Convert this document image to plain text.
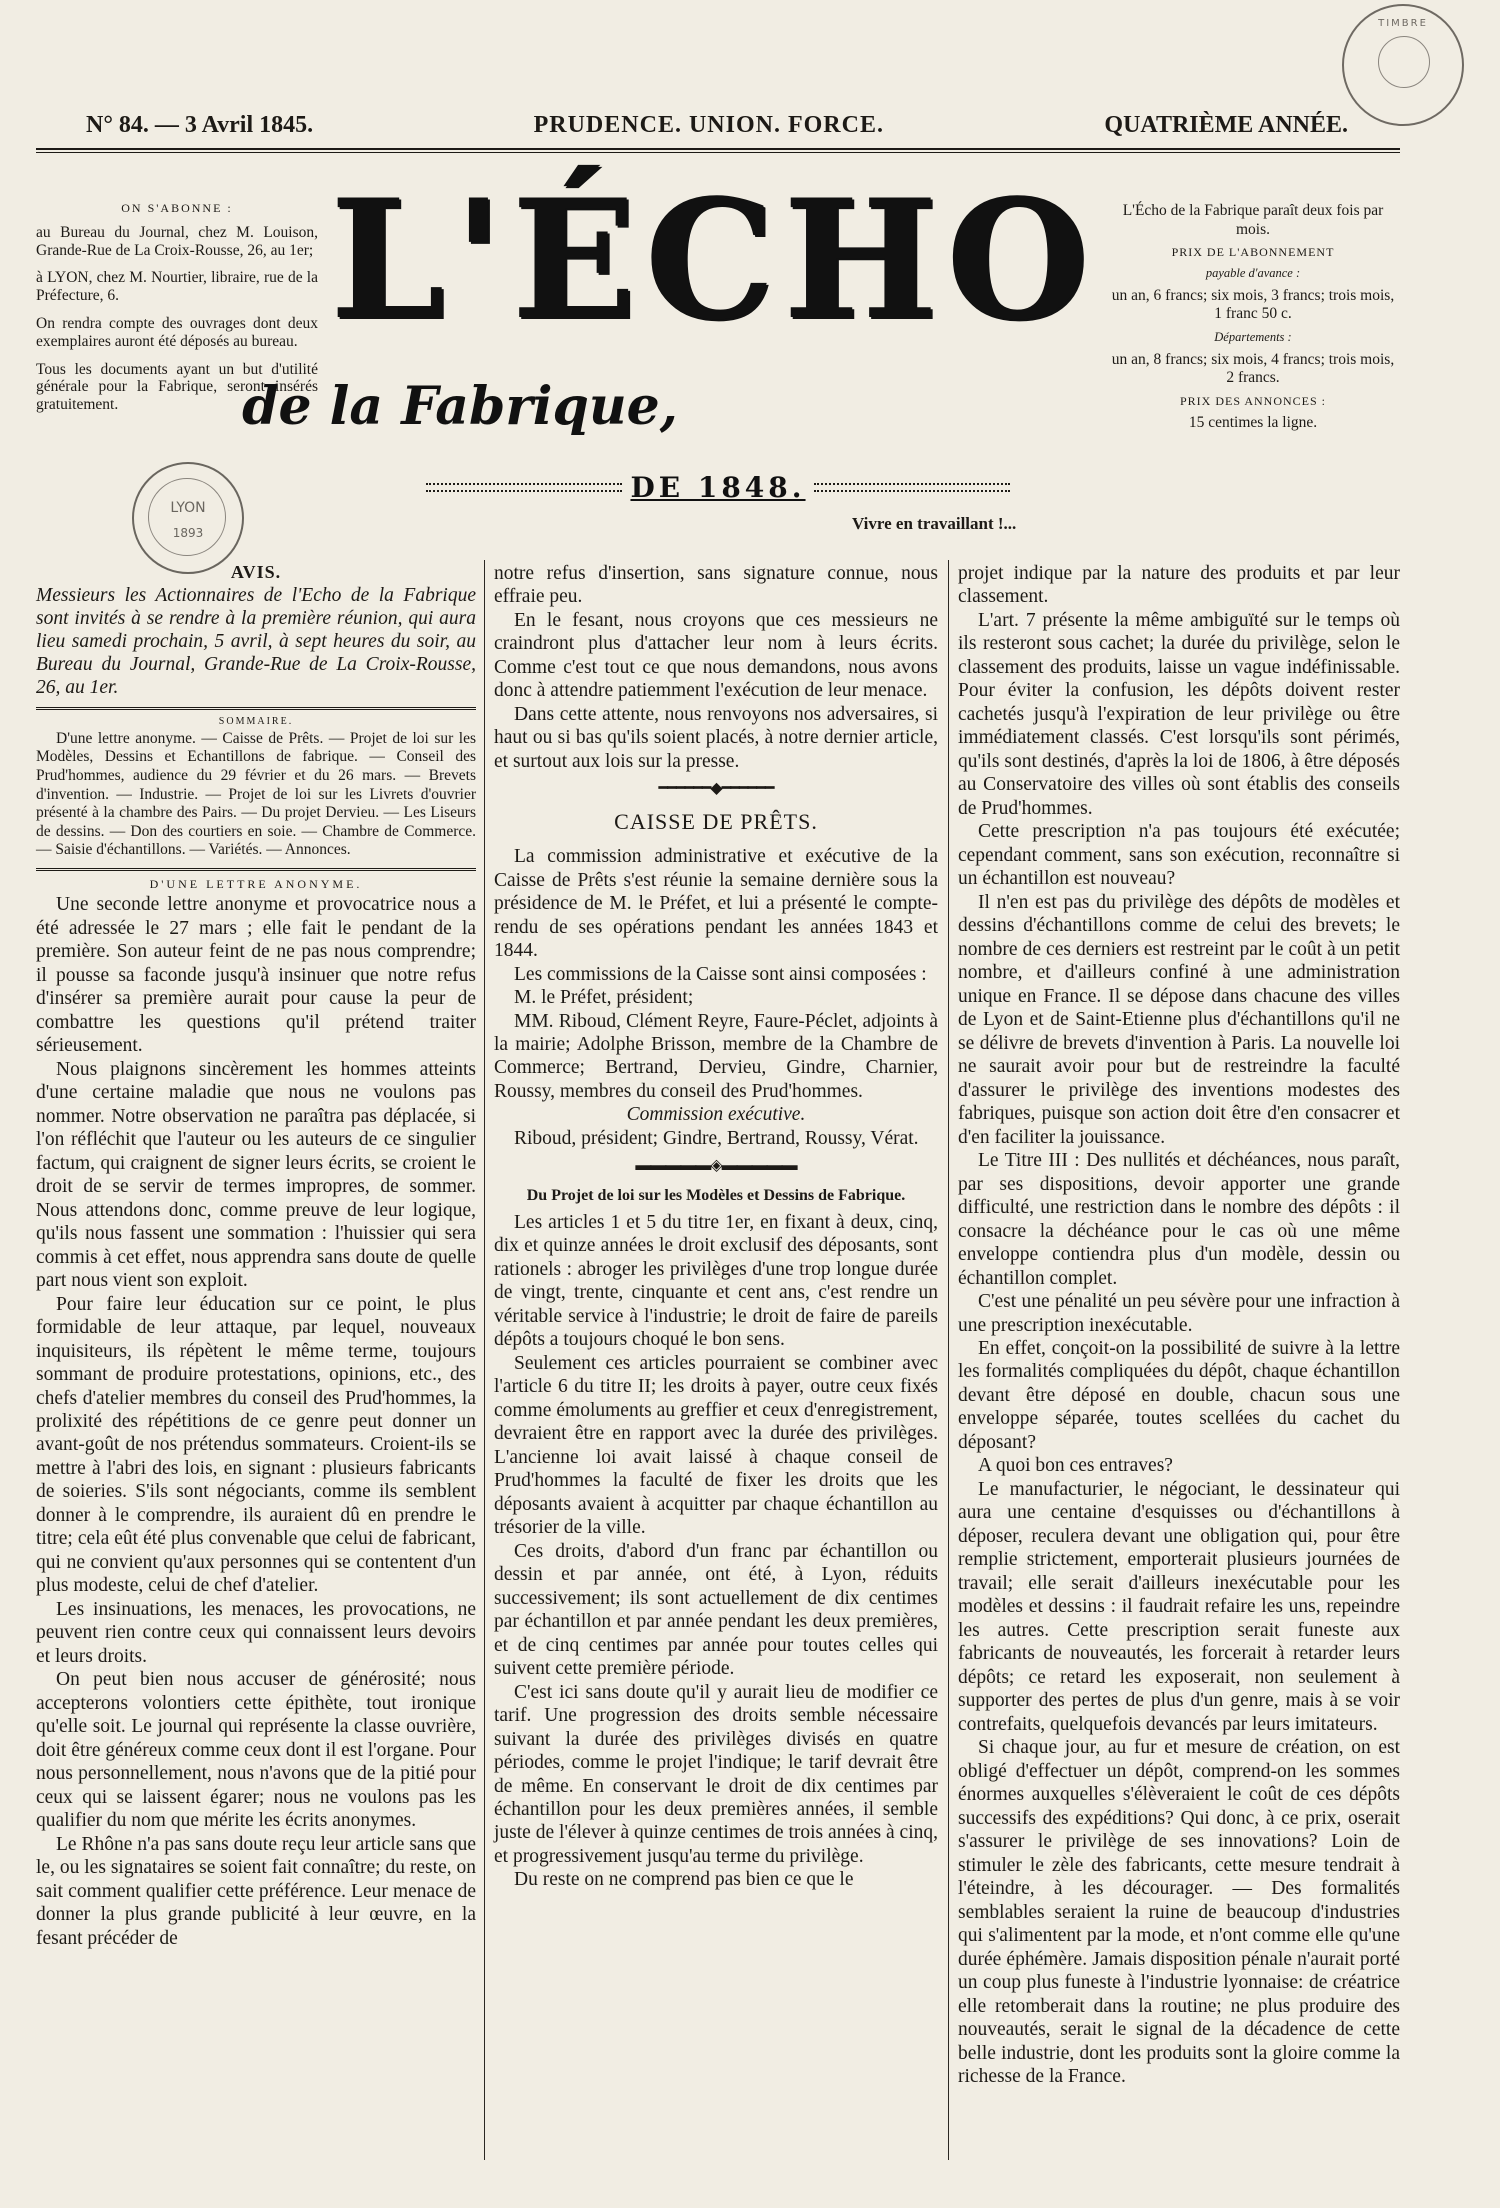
N° 84. — 3 Avril 1845.	PRUDENCE. UNION. FORCE.	QUATRIÈME ANNÉE.
TIMBRE
ON S'ABONNE :

au Bureau du Journal, chez M. Louison, Grande-Rue de La Croix-Rousse, 26, au 1er;

à LYON, chez M. Nourtier, libraire, rue de la Préfecture, 6.

On rendra compte des ouvrages dont deux exemplaires auront été déposés au bureau.

Tous les documents ayant un but d'utilité générale pour la Fabrique, seront insérés gratuitement.

LYON
1893
L'ÉCHO
de la Fabrique,
DE 1848.
Vivre en travaillant !...

L'Écho de la Fabrique paraît deux fois par mois.

PRIX DE L'ABONNEMENT

payable d'avance :

un an, 6 francs; six mois, 3 francs; trois mois, 1 franc 50 c.

Départements :

un an, 8 francs; six mois, 4 francs; trois mois, 2 francs.

PRIX DES ANNONCES :

15 centimes la ligne.

AVIS.

Messieurs les Actionnaires de l'Echo de la Fabrique sont invités à se rendre à la première réunion, qui aura lieu samedi prochain, 5 avril, à sept heures du soir, au Bureau du Journal, Grande-Rue de La Croix-Rousse, 26, au 1er.

SOMMAIRE.

D'une lettre anonyme. — Caisse de Prêts. — Projet de loi sur les Modèles, Dessins et Echantillons de fabrique. — Conseil des Prud'hommes, audience du 29 février et du 26 mars. — Brevets d'invention. — Industrie. — Projet de loi sur les Livrets d'ouvrier présenté à la chambre des Pairs. — Du projet Dervieu. — Les Liseurs de dessins. — Don des courtiers en soie. — Chambre de Commerce. — Saisie d'échantillons. — Variétés. — Annonces.

D'UNE LETTRE ANONYME.

Une seconde lettre anonyme et provocatrice nous a été adressée le 27 mars ; elle fait le pendant de la première. Son auteur feint de ne pas nous comprendre; il pousse sa faconde jusqu'à insinuer que notre refus d'insérer sa première aurait pour cause la peur de combattre les questions qu'il prétend traiter sérieusement.

Nous plaignons sincèrement les hommes atteints d'une certaine maladie que nous ne voulons pas nommer. Notre observation ne paraîtra pas déplacée, si l'on réfléchit que l'auteur ou les auteurs de ce singulier factum, qui craignent de signer leurs écrits, se croient le droit de se servir de termes impropres, de sommer. Nous attendons donc, comme preuve de leur logique, qu'ils nous fassent une sommation : l'huissier qui sera commis à cet effet, nous apprendra sans doute de quelle part nous vient son exploit.

Pour faire leur éducation sur ce point, le plus formidable de leur attaque, par lequel, nouveaux inquisiteurs, ils répètent le même terme, toujours sommant de produire protestations, opinions, etc., des chefs d'atelier membres du conseil des Prud'hommes, la prolixité des répétitions de ce genre peut donner un avant-goût de nos prétendus sommateurs. Croient-ils se mettre à l'abri des lois, en signant : plusieurs fabricants de soieries. S'ils sont négociants, comme ils semblent donner à le comprendre, ils auraient dû en prendre le titre; cela eût été plus convenable que celui de fabricant, qui ne convient qu'aux personnes qui se contentent d'un plus modeste, celui de chef d'atelier.

Les insinuations, les menaces, les provocations, ne peuvent rien contre ceux qui connaissent leurs devoirs et leurs droits.

On peut bien nous accuser de générosité; nous accepterons volontiers cette épithète, tout ironique qu'elle soit. Le journal qui représente la classe ouvrière, doit être généreux comme ceux dont il est l'organe. Pour nous personnellement, nous n'avons que de la pitié pour ceux qui se laissent égarer; nous ne voulons pas les qualifier du nom que mérite les écrits anonymes.

Le Rhône n'a pas sans doute reçu leur article sans que le, ou les signataires se soient fait connaître; du reste, on sait comment qualifier cette préférence. Leur menace de donner la plus grande publicité à leur œuvre, en la fesant précéder de

notre refus d'insertion, sans signature connue, nous effraie peu.

En le fesant, nous croyons que ces messieurs ne craindront plus d'attacher leur nom à leurs écrits. Comme c'est tout ce que nous demandons, nous avons donc à attendre patiemment l'exécution de leur menace.

Dans cette attente, nous renvoyons nos adversaires, si haut ou si bas qu'ils soient placés, à notre dernier article, et surtout aux lois sur la presse.

━━━━━━◆━━━━━━
CAISSE DE PRÊTS.

La commission administrative et exécutive de la Caisse de Prêts s'est réunie la semaine dernière sous la présidence de M. le Préfet, et lui a présenté le compte-rendu de ses opérations pendant les années 1843 et 1844.

Les commissions de la Caisse sont ainsi composées :

M. le Préfet, président;

MM. Riboud, Clément Reyre, Faure-Péclet, adjoints à la mairie; Adolphe Brisson, membre de la Chambre de Commerce; Bertrand, Dervieu, Gindre, Charnier, Roussy, membres du conseil des Prud'hommes.

Commission exécutive.

Riboud, président; Gindre, Bertrand, Roussy, Vérat.

▬▬▬▬▬◈▬▬▬▬▬
Du Projet de loi sur les Modèles et Dessins de Fabrique.

Les articles 1 et 5 du titre 1er, en fixant à deux, cinq, dix et quinze années le droit exclusif des déposants, sont rationels : abroger les privilèges d'une trop longue durée de vingt, trente, cinquante et cent ans, c'est rendre un véritable service à l'industrie; le droit de faire de pareils dépôts a toujours choqué le bon sens.

Seulement ces articles pourraient se combiner avec l'article 6 du titre II; les droits à payer, outre ceux fixés comme émoluments au greffier et ceux d'enregistrement, devraient être en rapport avec la durée des privilèges. L'ancienne loi avait laissé à chaque conseil de Prud'hommes la faculté de fixer les droits que les déposants avaient à acquitter par chaque échantillon au trésorier de la ville.

Ces droits, d'abord d'un franc par échantillon ou dessin et par année, ont été, à Lyon, réduits successivement; ils sont actuellement de dix centimes par échantillon et par année pendant les deux premières, et de cinq centimes par année pour toutes celles qui suivent cette première période.

C'est ici sans doute qu'il y aurait lieu de modifier ce tarif. Une progression des droits semble nécessaire suivant la durée des privilèges divisés en quatre périodes, comme le projet l'indique; le tarif devrait être de même. En conservant le droit de dix centimes par échantillon pour les deux premières années, il semble juste de l'élever à quinze centimes de trois années à cinq, et progressivement jusqu'au terme du privilège.

Du reste on ne comprend pas bien ce que le

projet indique par la nature des produits et par leur classement.

L'art. 7 présente la même ambiguïté sur le temps où ils resteront sous cachet; la durée du privilège, selon le classement des produits, laisse un vague indéfinissable. Pour éviter la confusion, les dépôts doivent rester cachetés jusqu'à l'expiration de leur privilège ou être immédiatement classés. C'est lorsqu'ils sont périmés, qu'ils sont destinés, d'après la loi de 1806, à être déposés au Conservatoire des villes où sont établis des conseils de Prud'hommes.

Cette prescription n'a pas toujours été exécutée; cependant comment, sans son exécution, reconnaître si un échantillon est nouveau?

Il n'en est pas du privilège des dépôts de modèles et dessins d'échantillons comme de celui des brevets; le nombre de ces derniers est restreint par le coût à un petit nombre, et d'ailleurs confiné à une administration unique en France. Il se dépose dans chacune des villes de Lyon et de Saint-Etienne plus d'échantillons qu'il ne se délivre de brevets d'invention à Paris. La nouvelle loi ne saurait avoir pour but de restreindre la faculté d'assurer le privilège des inventions modestes des fabriques, puisque son action doit être d'en consacrer et d'en faciliter la jouissance.

Le Titre III : Des nullités et déchéances, nous paraît, par ses dispositions, devoir apporter une grande difficulté, une restriction dans le nombre des dépôts : il consacre la déchéance pour le cas où une même enveloppe contiendra plus d'un modèle, dessin ou échantillon complet.

C'est une pénalité un peu sévère pour une infraction à une prescription inexécutable.

En effet, conçoit-on la possibilité de suivre à la lettre les formalités compliquées du dépôt, chaque échantillon devant être déposé en double, chacun sous une enveloppe séparée, toutes scellées du cachet du déposant?

A quoi bon ces entraves?

Le manufacturier, le négociant, le dessinateur qui aura une centaine d'esquisses ou d'échantillons à déposer, reculera devant une obligation qui, pour être remplie strictement, emporterait plusieurs journées de travail; elle serait d'ailleurs inexécutable pour les modèles et dessins : il faudrait refaire les uns, repeindre les autres. Cette prescription serait funeste aux fabricants de nouveautés, les forcerait à retarder leurs dépôts; ce retard les exposerait, non seulement à supporter des pertes de plus d'un genre, mais à se voir contrefaits, quelquefois devancés par leurs imitateurs.

Si chaque jour, au fur et mesure de création, on est obligé d'effectuer un dépôt, comprend-on les sommes énormes auxquelles s'élèveraient le coût de ces dépôts successifs des expéditions? Qui donc, à ce prix, oserait s'assurer le privilège de ses innovations? Loin de stimuler le zèle des fabricants, cette mesure tendrait à l'éteindre, à les décourager. — Des formalités semblables seraient la ruine de beaucoup d'industries qui s'alimentent par la mode, et n'ont comme elle qu'une durée éphémère. Jamais disposition pénale n'aurait porté un coup plus funeste à l'industrie lyonnaise: de créatrice elle retomberait dans la routine; ne plus produire des nouveautés, serait le signal de la décadence de cette belle industrie, dont les produits sont la gloire comme la richesse de la France.
